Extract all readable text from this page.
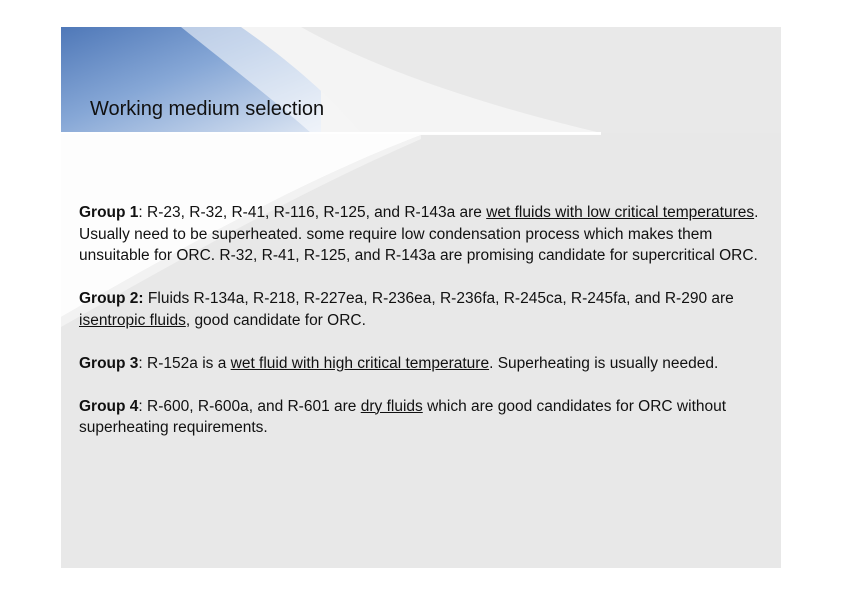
Working medium selection

Group 1: R-23, R-32, R-41, R-116, R-125, and R-143a are wet fluids with low critical temperatures. Usually need to be superheated. some require low condensation process which makes them unsuitable for ORC. R-32, R-41, R-125, and R-143a are promising candidate for supercritical ORC.

Group 2: Fluids R-134a, R-218, R-227ea, R-236ea, R-236fa, R-245ca, R-245fa, and R-290 are isentropic fluids, good candidate for ORC.

Group 3: R-152a is a wet fluid with high critical temperature. Superheating is usually needed.

Group 4: R-600, R-600a, and R-601 are dry fluids which are good candidates for ORC without superheating requirements.
